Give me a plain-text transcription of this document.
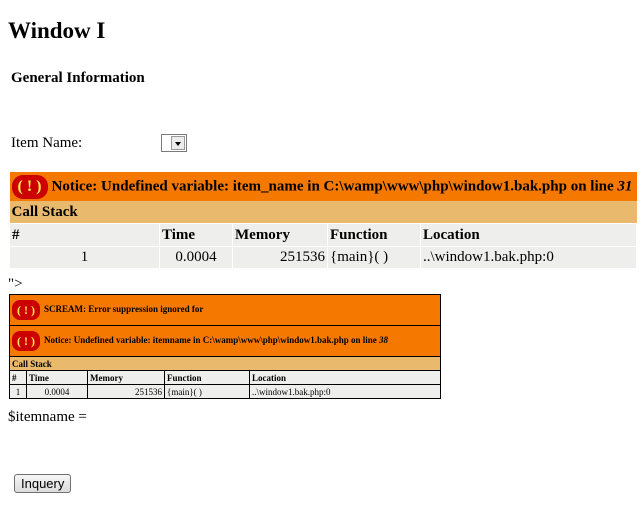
Window I
General Information
Item Name:
( ! ) Notice: Undefined variable: item_name in C:\wamp\www\php\window1.bak.php on line 31				
Call Stack				
#	Time	Memory	Function	Location
1	0.0004	251536	{main}( )	..\window1.bak.php:0
">
( ! ) SCREAM: Error suppression ignored for				
( ! ) Notice: Undefined variable: itemname in C:\wamp\www\php\window1.bak.php on line 38				
Call Stack				
#	Time	Memory	Function	Location
1	0.0004	251536	{main}( )	..\window1.bak.php:0
$itemname =
Inquery
